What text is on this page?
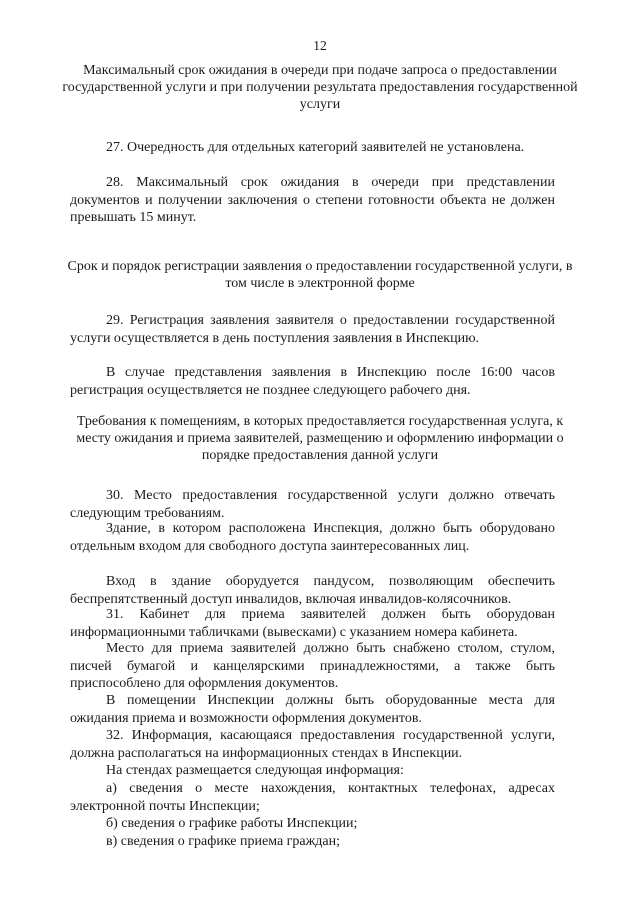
12
Максимальный срок ожидания в очереди при подаче запроса о предоставлении государственной услуги и при получении результата предоставления государственной услуги
27. Очередность для отдельных категорий заявителей не установлена.
28. Максимальный срок ожидания в очереди при представлении документов и получении заключения о степени готовности объекта не должен превышать 15 минут.
Срок и порядок регистрации заявления о предоставлении государственной услуги, в том числе в электронной форме
29. Регистрация заявления заявителя о предоставлении государственной услуги осуществляется в день поступления заявления в Инспекцию.
В случае представления заявления в Инспекцию после 16:00 часов регистрация осуществляется не позднее следующего рабочего дня.
Требования к помещениям, в которых предоставляется государственная услуга, к месту ожидания и приема заявителей, размещению и оформлению информации о порядке предоставления данной услуги
30. Место предоставления государственной услуги должно отвечать следующим требованиям.
Здание, в котором расположена Инспекция, должно быть оборудовано отдельным входом для свободного доступа заинтересованных лиц.
Вход в здание оборудуется пандусом, позволяющим обеспечить беспрепятственный доступ инвалидов, включая инвалидов-колясочников.
31. Кабинет для приема заявителей должен быть оборудован информационными табличками (вывесками) с указанием номера кабинета.
Место для приема заявителей должно быть снабжено столом, стулом, писчей бумагой и канцелярскими принадлежностями, а также быть приспособлено для оформления документов.
В помещении Инспекции должны быть оборудованные места для ожидания приема и возможности оформления документов.
32. Информация, касающаяся предоставления государственной услуги, должна располагаться на информационных стендах в Инспекции.
На стендах размещается следующая информация:
а) сведения о месте нахождения, контактных телефонах, адресах электронной почты Инспекции;
б) сведения о графике работы Инспекции;
в) сведения о графике приема граждан;
